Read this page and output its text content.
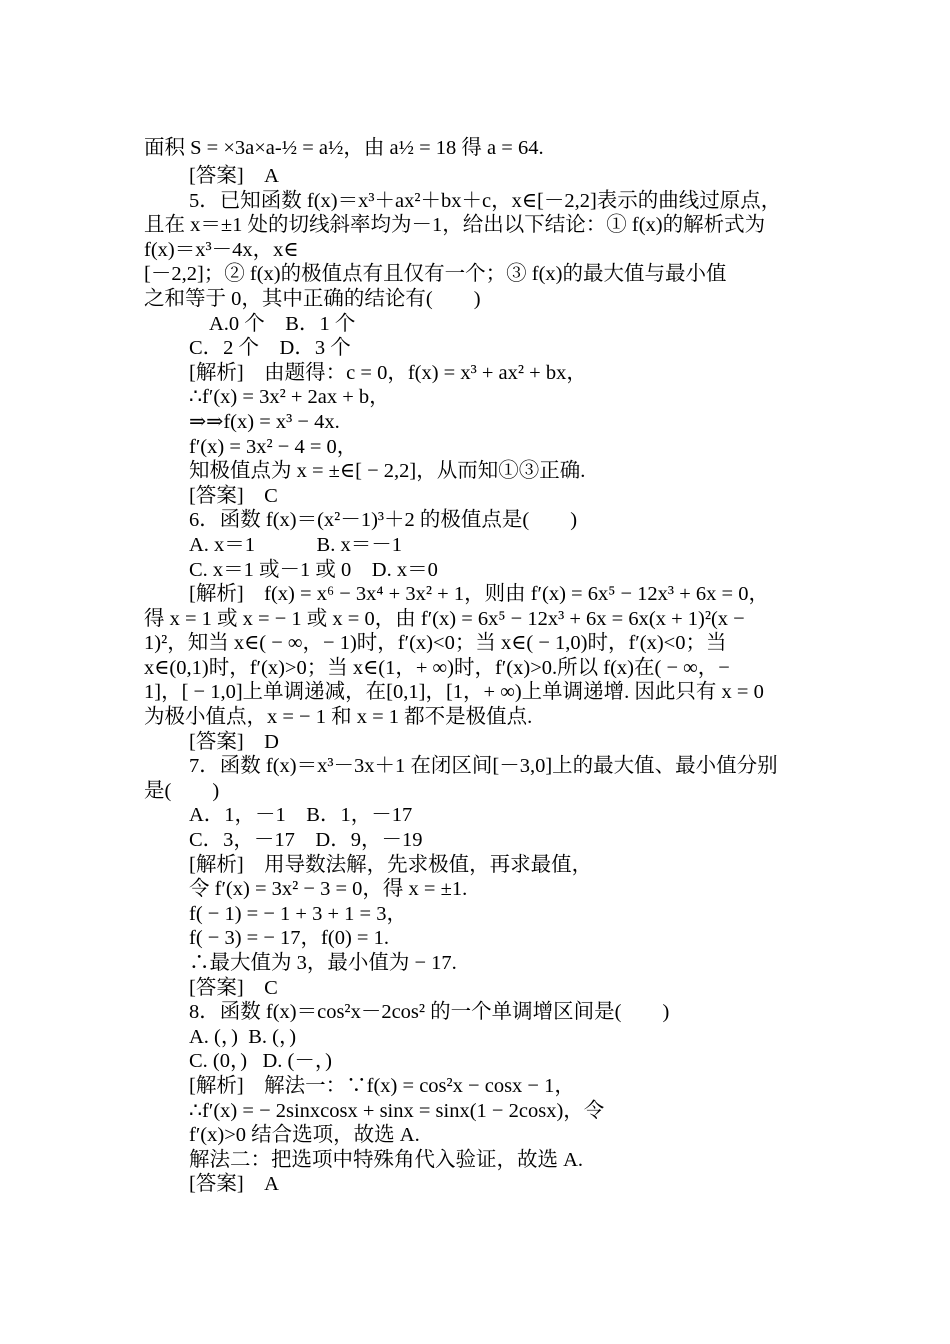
面积 S = ×3a×a-½ = a½，由 a½ = 18 得 a = 64.
[答案]　A
5．已知函数 f(x)＝x³＋ax²＋bx＋c，x∈[－2,2]表示的曲线过原点，
且在 x＝±1 处的切线斜率均为－1，给出以下结论：① f(x)的解析式为
f(x)＝x³－4x，x∈
[－2,2]；② f(x)的极值点有且仅有一个；③ f(x)的最大值与最小值
之和等于 0，其中正确的结论有(　　)
A.0 个　B．1 个
C．2 个　D．3 个
[解析]　由题得：c = 0，f(x) = x³ + ax² + bx，
∴f′(x) = 3x² + 2ax + b，
⇒⇒f(x) = x³ − 4x.
f′(x) = 3x² − 4 = 0，
知极值点为 x = ±∈[ − 2,2]，从而知①③正确.
[答案]　C
6．函数 f(x)＝(x²－1)³＋2 的极值点是(　　)
A. x＝1　　　B. x＝－1
C. x＝1 或－1 或 0　D. x＝0
[解析]　f(x) = x⁶ − 3x⁴ + 3x² + 1，则由 f′(x) = 6x⁵ − 12x³ + 6x = 0，
得 x = 1 或 x = − 1 或 x = 0，由 f′(x) = 6x⁵ − 12x³ + 6x = 6x(x + 1)²(x −
1)²，知当 x∈( − ∞，− 1)时，f′(x)<0；当 x∈( − 1,0)时，f′(x)<0；当
x∈(0,1)时，f′(x)>0；当 x∈(1，+ ∞)时，f′(x)>0.所以 f(x)在( − ∞，−
1]，[ − 1,0]上单调递减，在[0,1]，[1，+ ∞)上单调递增. 因此只有 x = 0
为极小值点，x = − 1 和 x = 1 都不是极值点.
[答案]　D
7．函数 f(x)＝x³－3x＋1 在闭区间[－3,0]上的最大值、最小值分别
是(　　)
A．1，－1　B．1，－17
C．3，－17　D．9，－19
[解析]　用导数法解，先求极值，再求最值，
令 f′(x) = 3x² − 3 = 0，得 x = ±1.
f( − 1) = − 1 + 3 + 1 = 3，
f( − 3) = − 17，f(0) = 1.
∴最大值为 3，最小值为 − 17.
[答案]　C
8．函数 f(x)＝cos²x－2cos² 的一个单调增区间是(　　)
A. (，)  B. (，)
C. (0，)   D. (－，)
[解析]　解法一：∵f(x) = cos²x − cosx − 1，
∴f′(x) = − 2sinxcosx + sinx = sinx(1 − 2cosx)，令
f′(x)>0 结合选项，故选 A.
解法二：把选项中特殊角代入验证，故选 A.
[答案]　A
